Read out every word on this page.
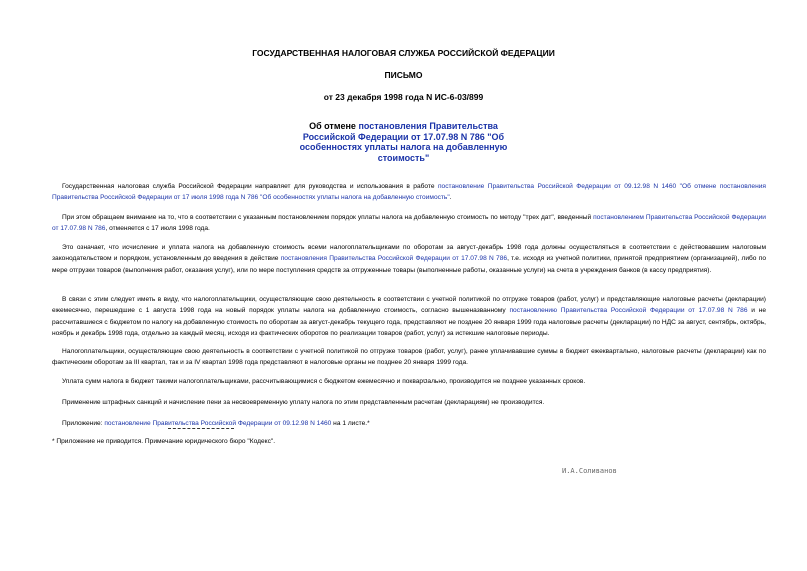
ГОСУДАРСТВЕННАЯ НАЛОГОВАЯ СЛУЖБА РОССИЙСКОЙ ФЕДЕРАЦИИ
ПИСЬМО
от 23 декабря 1998 года N ИС-6-03/899
Об отмене постановления Правительства Российской Федерации от 17.07.98 N 786 "Об особенностях уплаты налога на добавленную стоимость"

Государственная налоговая служба Российской Федерации направляет для руководства и использования в работе постановление Правительства Российской Федерации от 09.12.98 N 1460 "Об отмене постановления Правительства Российской Федерации от 17 июля 1998 года N 786 "Об особенностях уплаты налога на добавленную стоимость".

При этом обращаем внимание на то, что в соответствии с указанным постановлением порядок уплаты налога на добавленную стоимость по методу "трех дат", введенный постановлением Правительства Российской Федерации от 17.07.98 N 786, отменяется с 17 июля 1998 года.

Это означает, что исчисление и уплата налога на добавленную стоимость всеми налогоплательщиками по оборотам за август-декабрь 1998 года должны осуществляться в соответствии с действовавшим налоговым законодательством и порядком, установленным до введения в действие постановления Правительства Российской Федерации от 17.07.98 N 786, т.е. исходя из учетной политики, принятой предприятием (организацией), либо по мере отгрузки товаров (выполнения работ, оказания услуг), или по мере поступления средств за отгруженные товары (выполненные работы, оказанные услуги) на счета в учреждения банков (в кассу предприятия).

В связи с этим следует иметь в виду, что налогоплательщики, осуществляющие свою деятельность в соответствии с учетной политикой по отгрузке товаров (работ, услуг) и представляющие налоговые расчеты (декларации) ежемесячно, перешедшие с 1 августа 1998 года на новый порядок уплаты налога на добавленную стоимость, согласно вышеназванному постановлению Правительства Российской Федерации от 17.07.98 N 786 и не рассчитавшиеся с бюджетом по налогу на добавленную стоимость по оборотам за август-декабрь текущего года, представляют не позднее 20 января 1999 года налоговые расчеты (декларации) по НДС за август, сентябрь, октябрь, ноябрь и декабрь 1998 года, отдельно за каждый месяц, исходя из фактических оборотов по реализации товаров (работ, услуг) за истекшие налоговые периоды.

Налогоплательщики, осуществляющие свою деятельность в соответствии с учетной политикой по отгрузке товаров (работ, услуг), ранее уплачивавшие суммы в бюджет ежеквартально, налоговые расчеты (декларации) как по фактическим оборотам за III квартал, так и за IV квартал 1998 года представляют в налоговые органы не позднее 20 января 1999 года.

Уплата сумм налога в бюджет такими налогоплательщиками, рассчитывающимися с бюджетом ежемесячно и покварטально, производится не позднее указанных сроков.

Применение штрафных санкций и начисление пени за несвоевременную уплату налога по этим представленным расчетам (декларациям) не производится.

Приложение: постановление Правительства Российской Федерации от 09.12.98 N 1460 на 1 листе.*

* Приложение не приводится. Примечание юридического бюро "Кодекс".

И.А.Соливанов
